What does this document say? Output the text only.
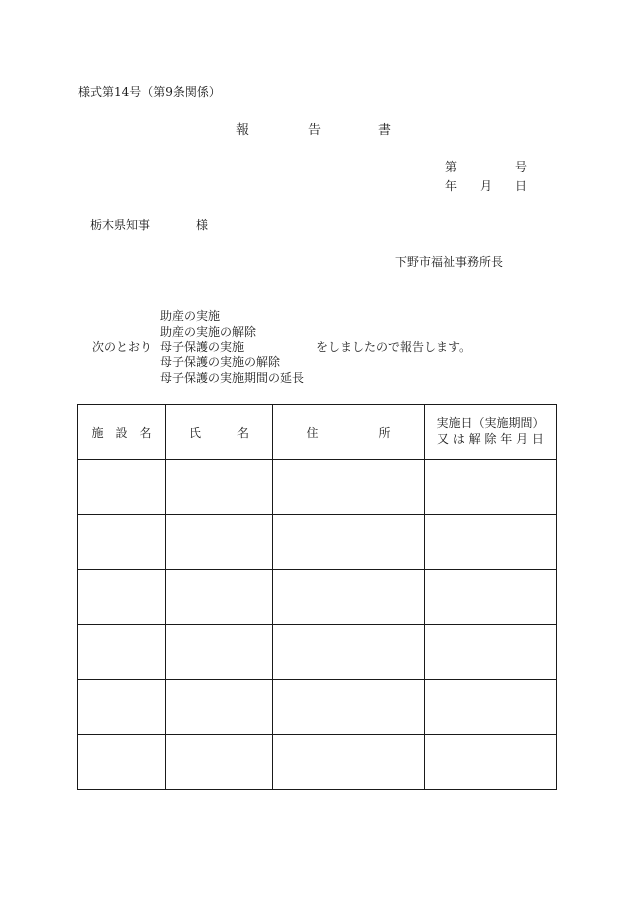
様式第14号（第9条関係）
報	告	書
第	号
年 月 日
栃木県知事	様
下野市福祉事務所長
次のとおり
助産の実施
助産の実施の解除
母子保護の実施
母子保護の実施の解除
母子保護の実施期間の延長
をしましたので報告します。
施　設　名	氏　　　名	住　　　　　所	実施日（実施期間）
又 は 解 除 年 月 日
